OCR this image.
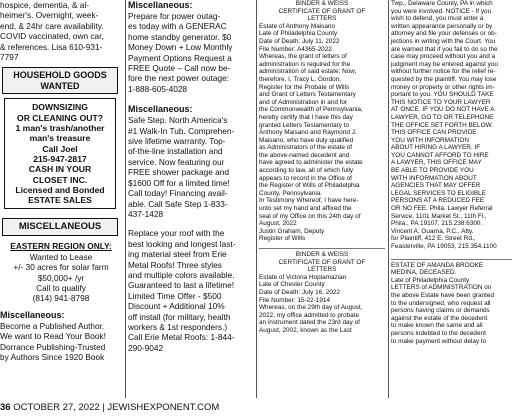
hospice, dementia, & al-
heimer's. Overnight, week-
end, & 24hr care availability.
COVID vaccinated, own car,
& references. Lisa 610-931-
7797
HOUSEHOLD GOODS WANTED
DOWNSIZING
OR CLEANING OUT?
1 man's trash/another
man's treasure
Call Joel
215-947-2817
CASH IN YOUR
CLOSET INC.
Licensed and Bonded
ESTATE SALES
MISCELLANEOUS
EASTERN REGION ONLY:
Wanted to Lease
+/- 30 acres for solar farm
$50,000+ /yr
Call to qualify
(814) 941-8798

Miscellaneous:

Become a Published Author.
We want to Read Your Book!
Dorrance Publishing-Trusted
by Authors Since 1920 Book

Miscellaneous:

Prepare for power outag-
es today with a GENERAC
home standby generator. $0
Money Down + Low Monthly
Payment Options Request a
FREE Quote – Call now be-
fore the next power outage:
1-888-605-4028

Miscellaneous:

Safe Step. North America's
#1 Walk-In Tub. Comprehen-
sive lifetime warranty. Top-
of-the-line installation and
service. Now featuring our
FREE shower package and
$1600 Off for a limited time!
Call today! Financing avail-
able. Call Safe Step 1-833-
437-1428
Replace your roof with the
best looking and longest last-
ing material steel from Erie
Metal Roofs! Three styles
and multiple colors available.
Guaranteed to last a lifetime!
Limited Time Offer - $500
Discount + Additional 10%
off install (for military, health
workers & 1st responders.)
Call Erie Metal Roofs: 1-844-
290-9042
BINDER & WEISS
CERTIFICATE OF GRANT OF
LETTERS
Estate of Anthony Maisano
Late of Philadelphia County
Date of Death: July 11, 2022
File Number: A4365-2022
Whereas, the grant of letters of
administration is required for the
administration of said estate: Now,
therefore, I, Tracy L. Gordon,
Register for the Probate of Wills
and Grant of Letters Testamentary
and of Administration in and for
the Commonwealth of Pennsylvania,
hereby certify that I have this day
granted Letters Testamentary to
Anthony Maisano and Raymond J.
Maisano, who have duly qualified
as Administrators of the estate of
the above-named decedent and
have agreed to administer the estate
according to law, all of which fully
appears to record in the Office of
the Register of Wills of Philadelphia
County, Pennsylvania.
In Testimony Whereof, I have here-
unto set my hand and affixed the
seal of my Office on this 24th day of
August, 2022
Justin Graham, Deputy
Register of Wills
BINDER & WEISS
CERTIFICATE OF GRANT OF
LETTERS
Estate of Victoria Hoplamazian
Late of Chester County
Date of Death: July 16, 2022
File Number: 15-22-1914
Whereas, on the 29th day of August,
2022, my office admitted to probate
an instrument dated the 23rd day of
August, 2002, known as the Last
Twp., Delaware County, PA in which
you were involved. NOTICE - If you
wish to defend, you must enter a
written appearance personally or by
attorney and file your defenses or ob-
jections in writing with the Court. You
are warned that if you fail to do so the
case may proceed without you and a
judgment may be entered against you
without further notice for the relief re-
quested by the plaintiff. You may lose
money or property or other rights im-
portant to you. YOU SHOULD TAKE
THIS NOTICE TO YOUR LAWYER
AT ONCE. IF YOU DO NOT HAVE A
LAWYER, GO TO OR TELEPHONE
THE OFFICE SET FORTH BELOW.
THIS OFFICE CAN PROVIDE
YOU WITH INFORMATION
ABOUT HIRING A LAWYER. IF
YOU CANNOT AFFORD TO HIRE
A LAWYER, THIS OFFICE MAY
BE ABLE TO PROVIDE YOU
WITH INFORMATION ABOUT
AGENCIES THAT MAY OFFER
LEGAL SERVICES TO ELIGIBLE
PERSONS AT A REDUCED FEE
OR NO FEE. Phila. Lawyer Referral
Service, 1101 Market St., 11th Fl.,
Phila., PA 19107, 215.238.6300.
Vincent A. Guarna, P.C., Atty.
for Plaintiff, 412 E. Street Rd.,
Feasterville, PA 19053, 215.354.1100
ESTATE OF AMANDA BROOKE
MEDINA, DECEASED.
Late of Philadelphia County
LETTERS of ADMINISTRATION on
the above Estate have been granted
to the undersigned, who request all
persons having claims or demands
against the estate of the decedent
to make known the same and all
persons indebted to the decedent
to make payment without delay to
36 OCTOBER 27, 2022 | JEWISHEXPONENT.COM
